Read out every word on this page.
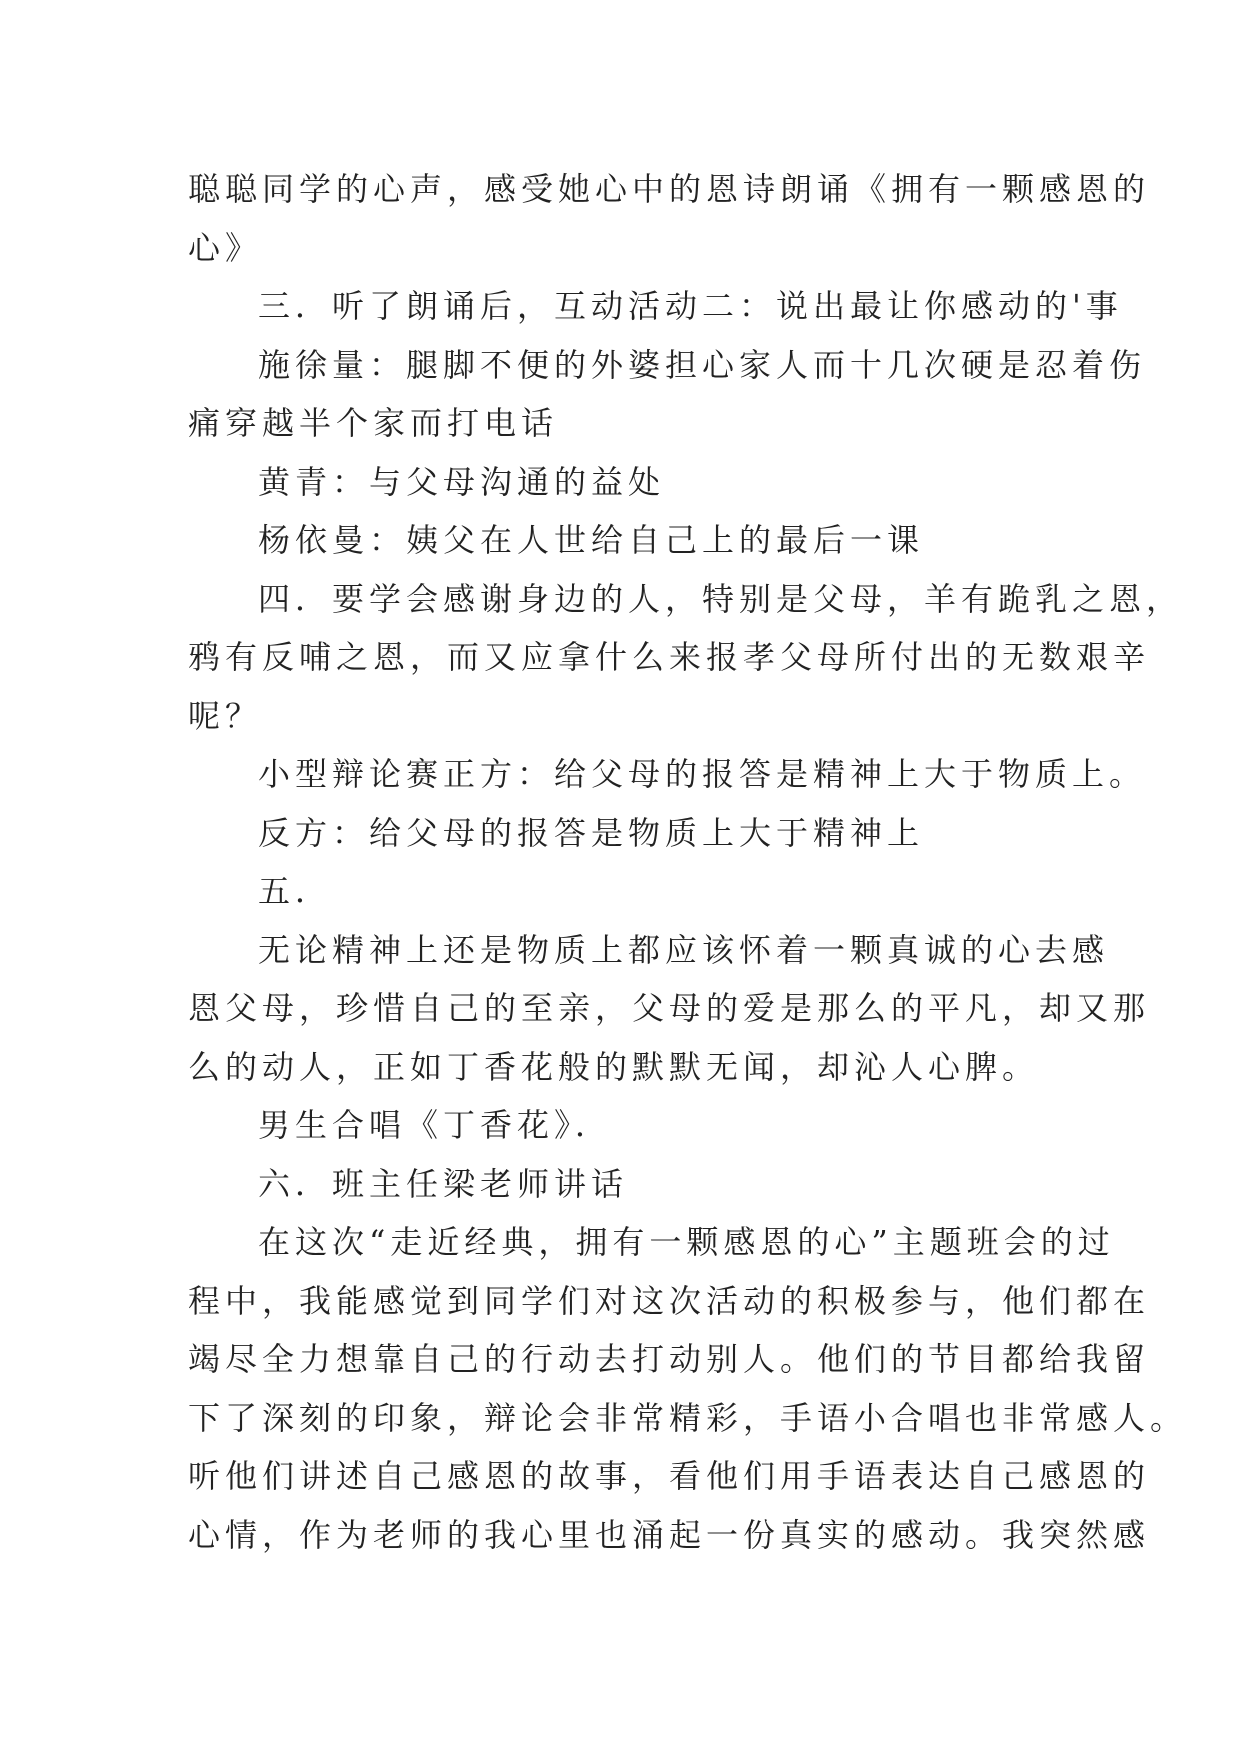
聪聪同学的心声，感受她心中的恩诗朗诵《拥有一颗感恩的
心》
三．听了朗诵后，互动活动二：说出最让你感动的'事
施徐量：腿脚不便的外婆担心家人而十几次硬是忍着伤
痛穿越半个家而打电话
黄青：与父母沟通的益处
杨依曼：姨父在人世给自己上的最后一课
四．要学会感谢身边的人，特别是父母，羊有跪乳之恩，
鸦有反哺之恩，而又应拿什么来报孝父母所付出的无数艰辛
呢？
小型辩论赛正方：给父母的报答是精神上大于物质上。
反方：给父母的报答是物质上大于精神上
五．
无论精神上还是物质上都应该怀着一颗真诚的心去感
恩父母，珍惜自己的至亲，父母的爱是那么的平凡，却又那
么的动人，正如丁香花般的默默无闻，却沁人心脾。
男生合唱《丁香花》．
六．班主任梁老师讲话
在这次“走近经典，拥有一颗感恩的心”主题班会的过
程中，我能感觉到同学们对这次活动的积极参与，他们都在
竭尽全力想靠自己的行动去打动别人。他们的节目都给我留
下了深刻的印象，辩论会非常精彩，手语小合唱也非常感人。
听他们讲述自己感恩的故事，看他们用手语表达自己感恩的
心情，作为老师的我心里也涌起一份真实的感动。我突然感
